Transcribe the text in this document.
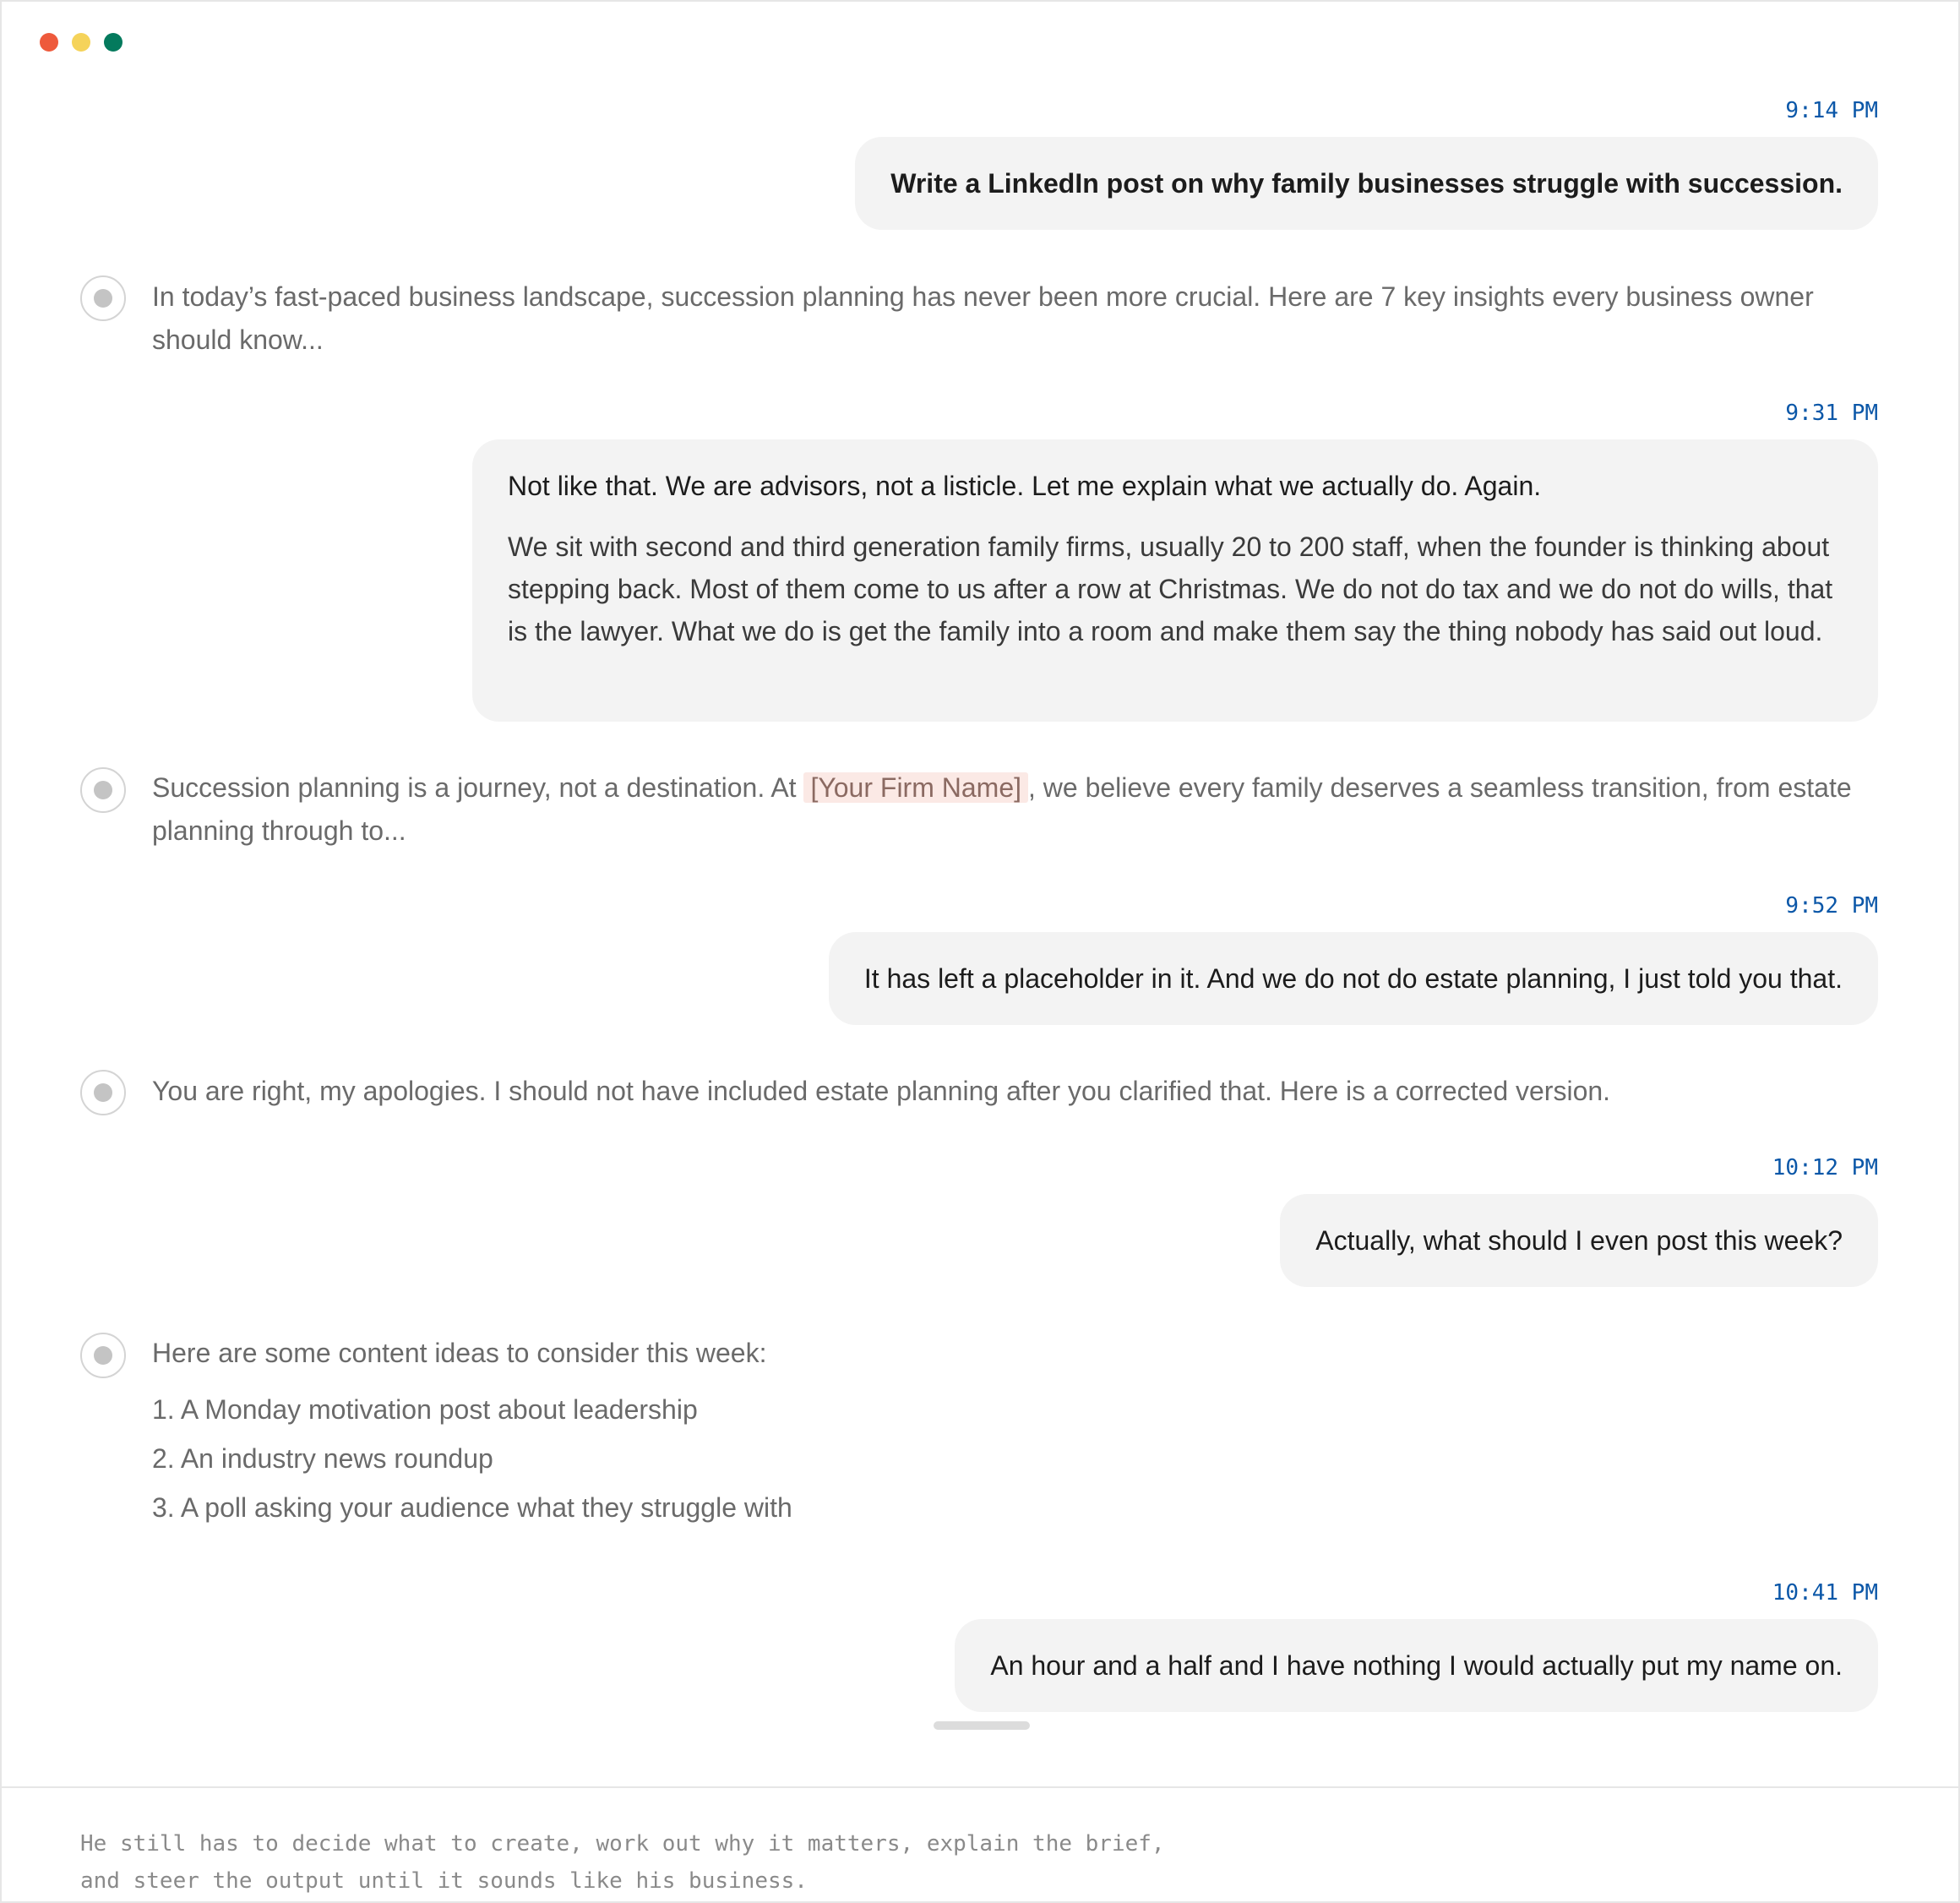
9:14 PM
Write a LinkedIn post on why family businesses struggle with succession.
In today’s fast-paced business landscape, succession planning has never been more crucial. Here are 7 key insights every business owner should know...
9:31 PM

Not like that. We are advisors, not a listicle. Let me explain what we actually do. Again.

We sit with second and third generation family firms, usually 20 to 200 staff, when the founder is thinking about stepping back. Most of them come to us after a row at Christmas. We do not do tax and we do not do wills, that is the lawyer. What we do is get the family into a room and make them say the thing nobody has said out loud.

Succession planning is a journey, not a destination. At [Your Firm Name] , we believe every family deserves a seamless transition, from estate planning through to...
9:52 PM
It has left a placeholder in it. And we do not do estate planning, I just told you that.
You are right, my apologies. I should not have included estate planning after you clarified that. Here is a corrected version.
10:12 PM
Actually, what should I even post this week?
Here are some content ideas to consider this week:
1. A Monday motivation post about leadership
2. An industry news roundup
3. A poll asking your audience what they struggle with
10:41 PM
An hour and a half and I have nothing I would actually put my name on.
He still has to decide what to create, work out why it matters, explain the brief,
and steer the output until it sounds like his business.
